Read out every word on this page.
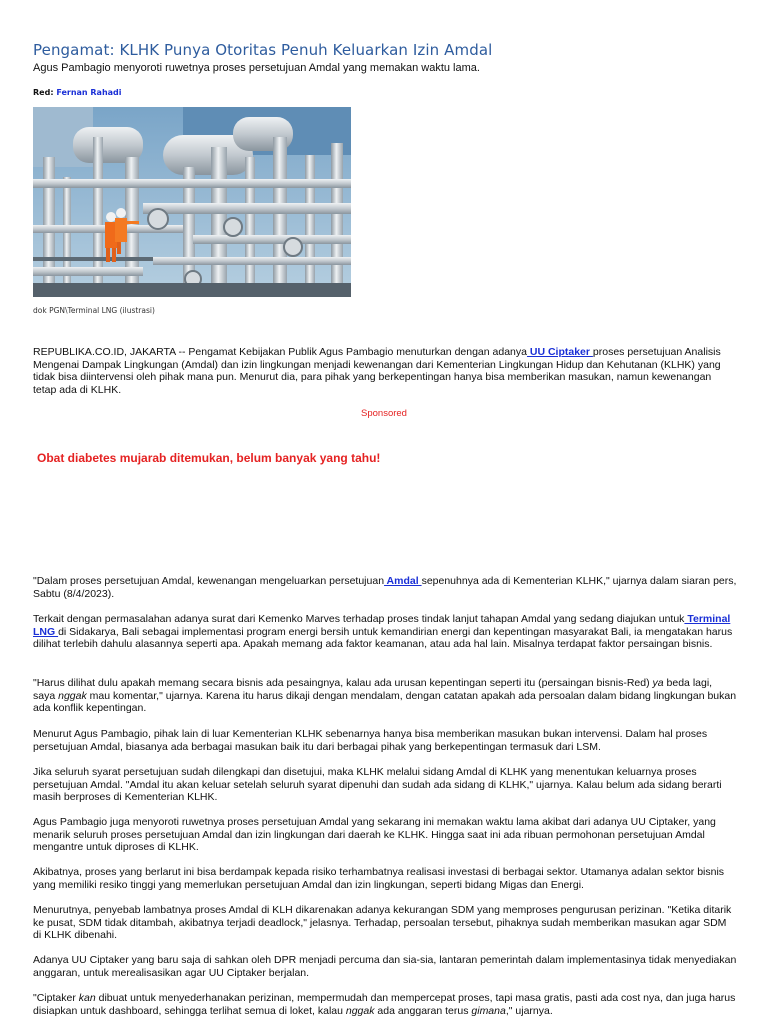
Pengamat: KLHK Punya Otoritas Penuh Keluarkan Izin Amdal
Agus Pambagio menyoroti ruwetnya proses persetujuan Amdal yang memakan waktu lama.
Red: Fernan Rahadi
dok PGN\Terminal LNG (ilustrasi)

REPUBLIKA.CO.ID, JAKARTA -- Pengamat Kebijakan Publik Agus Pambagio menuturkan dengan adanya UU Ciptaker proses persetujuan Analisis Mengenai Dampak Lingkungan (Amdal) dan izin lingkungan menjadi kewenangan dari Kementerian Lingkungan Hidup dan Kehutanan (KLHK) yang tidak bisa diintervensi oleh pihak mana pun. Menurut dia, para pihak yang berkepentingan hanya bisa memberikan masukan, namun kewenangan tetap ada di KLHK.

Sponsored
Obat diabetes mujarab ditemukan, belum banyak yang tahu!

"Dalam proses persetujuan Amdal, kewenangan mengeluarkan persetujuan Amdal sepenuhnya ada di Kementerian KLHK," ujarnya dalam siaran pers, Sabtu (8/4/2023).

Terkait dengan permasalahan adanya surat dari Kemenko Marves terhadap proses tindak lanjut tahapan Amdal yang sedang diajukan untuk Terminal LNG di Sidakarya, Bali sebagai implementasi program energi bersih untuk kemandirian energi dan kepentingan masyarakat Bali, ia mengatakan harus dilihat terlebih dahulu alasannya seperti apa. Apakah memang ada faktor keamanan, atau ada hal lain. Misalnya terdapat faktor persaingan bisnis.

"Harus dilihat dulu apakah memang secara bisnis ada pesaingnya, kalau ada urusan kepentingan seperti itu (persaingan bisnis-Red) ya beda lagi, saya nggak mau komentar," ujarnya. Karena itu harus dikaji dengan mendalam, dengan catatan apakah ada persoalan dalam bidang lingkungan bukan ada konflik kepentingan.

Menurut Agus Pambagio, pihak lain di luar Kementerian KLHK sebenarnya hanya bisa memberikan masukan bukan intervensi. Dalam hal proses persetujuan Amdal, biasanya ada berbagai masukan baik itu dari berbagai pihak yang berkepentingan termasuk dari LSM.

Jika seluruh syarat persetujuan sudah dilengkapi dan disetujui, maka KLHK melalui sidang Amdal di KLHK yang menentukan keluarnya proses persetujuan Amdal. "Amdal itu akan keluar setelah seluruh syarat dipenuhi dan sudah ada sidang di KLHK," ujarnya. Kalau belum ada sidang berarti masih berproses di Kementerian KLHK.

Agus Pambagio juga menyoroti ruwetnya proses persetujuan Amdal yang sekarang ini memakan waktu lama akibat dari adanya UU Ciptaker, yang menarik seluruh proses persetujuan Amdal dan izin lingkungan dari daerah ke KLHK. Hingga saat ini ada ribuan permohonan persetujuan Amdal mengantre untuk diproses di KLHK.

Akibatnya, proses yang berlarut ini bisa berdampak kepada risiko terhambatnya realisasi investasi di berbagai sektor. Utamanya adalan sektor bisnis yang memiliki resiko tinggi yang memerlukan persetujuan Amdal dan izin lingkungan, seperti bidang Migas dan Energi.

Menurutnya, penyebab lambatnya proses Amdal di KLH dikarenakan adanya kekurangan SDM yang memproses pengurusan perizinan. "Ketika ditarik ke pusat, SDM tidak ditambah, akibatnya terjadi deadlock," jelasnya. Terhadap, persoalan tersebut, pihaknya sudah memberikan masukan agar SDM di KLHK dibenahi.

Adanya UU Ciptaker yang baru saja di sahkan oleh DPR menjadi percuma dan sia-sia, lantaran pemerintah dalam implementasinya tidak menyediakan anggaran, untuk merealisasikan agar UU Ciptaker berjalan.

"Ciptaker kan dibuat untuk menyederhanakan perizinan, mempermudah dan mempercepat proses, tapi masa gratis, pasti ada cost nya, dan juga harus disiapkan untuk dashboard, sehingga terlihat semua di loket, kalau nggak ada anggaran terus gimana," ujarnya.
